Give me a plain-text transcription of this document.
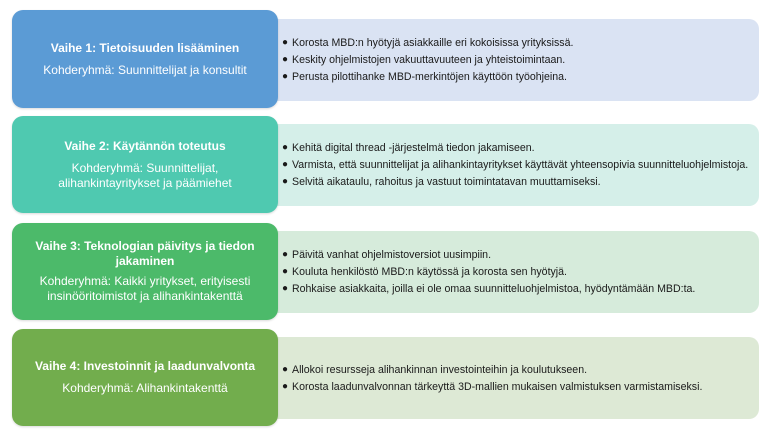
● Korosta MBD:n hyötyjä asiakkaille eri kokoisissa yrityksissä.
● Keskity ohjelmistojen vakuuttavuuteen ja yhteistoimintaan.
● Perusta pilottihanke MBD-merkintöjen käyttöön työohjeina.
Vaihe 1: Tietoisuuden lisääminen
Kohderyhmä: Suunnittelijat ja konsultit
● Kehitä digital thread -järjestelmä tiedon jakamiseen.
● Varmista, että suunnittelijat ja alihankintayritykset käyttävät yhteensopivia suunnitteluohjelmistoja.
● Selvitä aikataulu, rahoitus ja vastuut toimintatavan muuttamiseksi.
Vaihe 2: Käytännön toteutus
Kohderyhmä: Suunnittelijat, alihankintayritykset ja päämiehet
● Päivitä vanhat ohjelmistoversiot uusimpiin.
● Kouluta henkilöstö MBD:n käytössä ja korosta sen hyötyjä.
● Rohkaise asiakkaita, joilla ei ole omaa suunnitteluohjelmistoa, hyödyntämään MBD:ta.
Vaihe 3: Teknologian päivitys ja tiedon jakaminen
Kohderyhmä: Kaikki yritykset, erityisesti insinööritoimistot ja alihankintakenttä
● Allokoi resursseja alihankinnan investointeihin ja koulutukseen.
● Korosta laadunvalvonnan tärkeyttä 3D-mallien mukaisen valmistuksen varmistamiseksi.
Vaihe 4: Investoinnit ja laadunvalvonta
Kohderyhmä: Alihankintakenttä
